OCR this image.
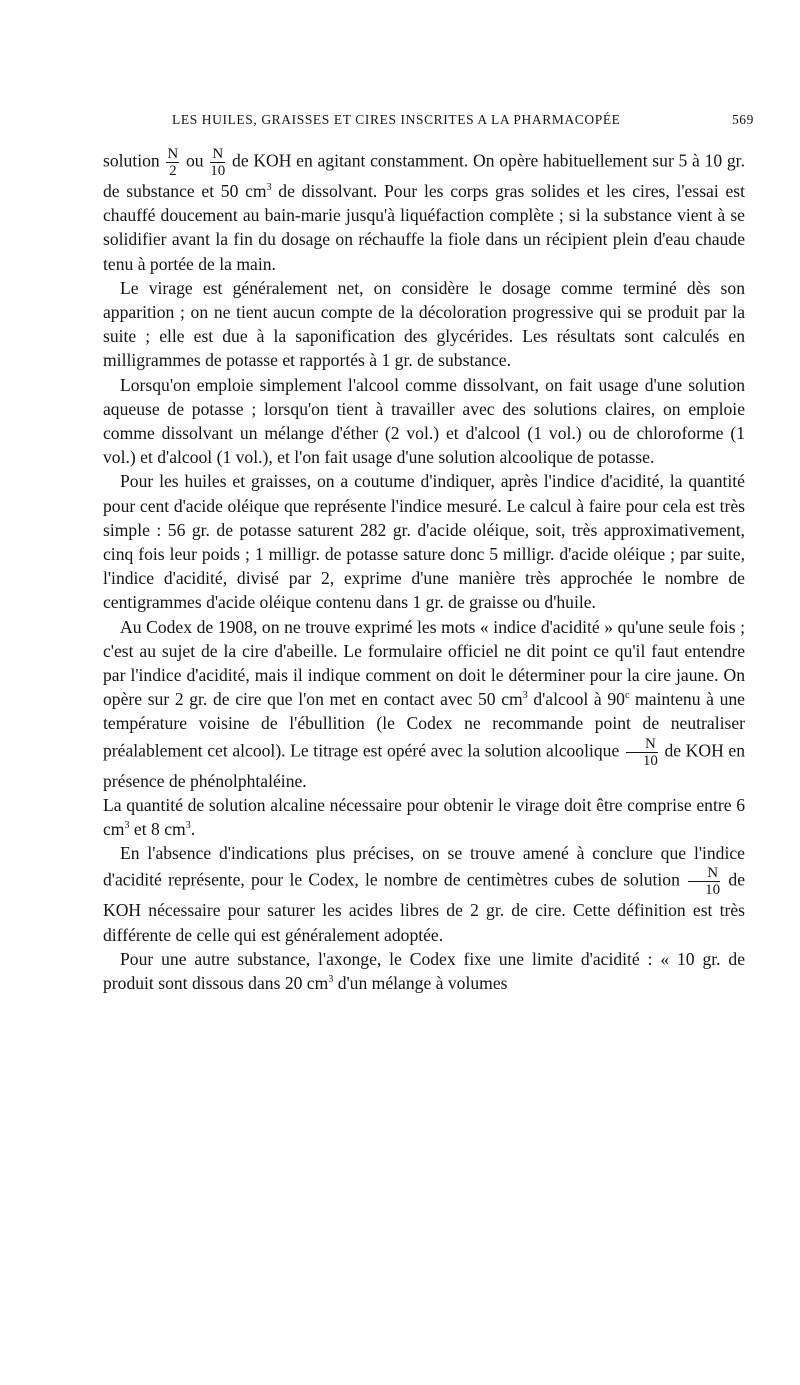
LES HUILES, GRAISSES ET CIRES INSCRITES A LA PHARMACOPÉE	569

solution $\frac{N}{2}$ ou $\frac{N}{10}$ de KOH en agitant constamment. On opère habituellement sur 5 à 10 gr. de substance et 50 $cm^3$ de dissolvant. Pour les corps gras solides et les cires, l'essai est chauffé doucement au bain-marie jusqu'à liquéfaction complète ; si la substance vient à se solidifier avant la fin du dosage on réchauffe la fiole dans un récipient plein d'eau chaude tenu à portée de la main.

Le virage est généralement net, on considère le dosage comme terminé dès son apparition ; on ne tient aucun compte de la décoloration progressive qui se produit par la suite ; elle est due à la saponification des glycérides. Les résultats sont calculés en milligrammes de potasse et rapportés à 1 gr. de substance.

Lorsqu'on emploie simplement l'alcool comme dissolvant, on fait usage d'une solution aqueuse de potasse ; lorsqu'on tient à travailler avec des solutions claires, on emploie comme dissolvant un mélange d'éther (2 vol.) et d'alcool (1 vol.) ou de chloroforme (1 vol.) et d'alcool (1 vol.), et l'on fait usage d'une solution alcoolique de potasse.

Pour les huiles et graisses, on a coutume d'indiquer, après l'indice d'acidité, la quantité pour cent d'acide oléique que représente l'indice mesuré. Le calcul à faire pour cela est très simple : 56 gr. de potasse saturent 282 gr. d'acide oléique, soit, très approximativement, cinq fois leur poids ; 1 milligr. de potasse sature donc 5 milligr. d'acide oléique ; par suite, l'indice d'acidité, divisé par 2, exprime d'une manière très approchée le nombre de centigrammes d'acide oléique contenu dans 1 gr. de graisse ou d'huile.

Au Codex de 1908, on ne trouve exprimé les mots « indice d'acidité » qu'une seule fois ; c'est au sujet de la cire d'abeille. Le formulaire officiel ne dit point ce qu'il faut entendre par l'indice d'acidité, mais il indique comment on doit le déterminer pour la cire jaune. On opère sur 2 gr. de cire que l'on met en contact avec 50 $cm^3$ d'alcool à 90$^c$ maintenu à une température voisine de l'ébullition (le Codex ne recommande point de neutraliser préalablement cet alcool). Le titrage est opéré avec la solution alcoolique $\frac{N}{10}$ de KOH en présence de phénolphtaléine.

La quantité de solution alcaline nécessaire pour obtenir le virage doit être comprise entre 6 $cm^3$ et 8 $cm^3$.

En l'absence d'indications plus précises, on se trouve amené à conclure que l'indice d'acidité représente, pour le Codex, le nombre de centimètres cubes de solution $\frac{N}{10}$ de KOH nécessaire pour saturer les acides libres de 2 gr. de cire. Cette définition est très différente de celle qui est généralement adoptée.

Pour une autre substance, l'axonge, le Codex fixe une limite d'acidité : « 10 gr. de produit sont dissous dans 20 $cm^3$ d'un mélange à volumes
